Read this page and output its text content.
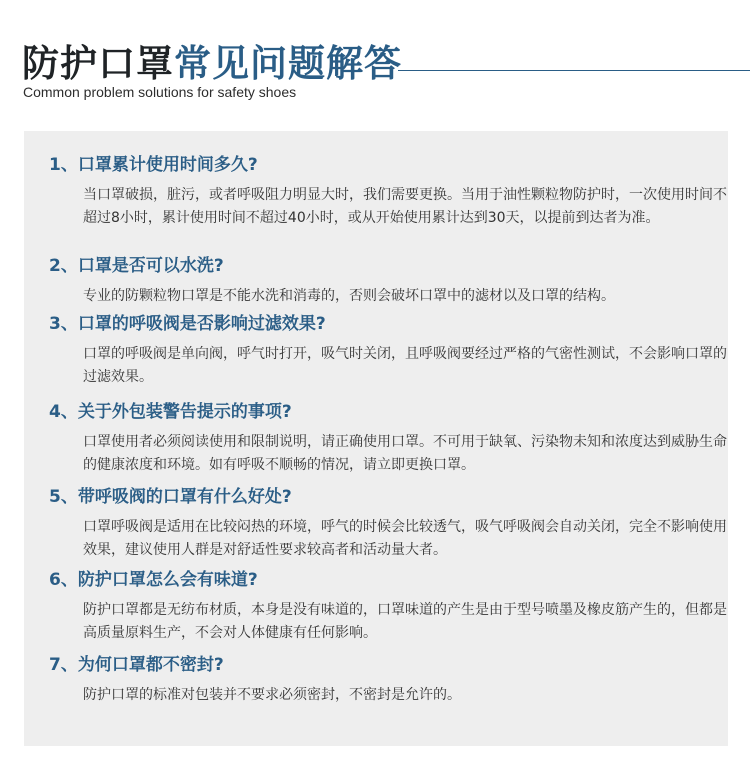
防护口罩常见问题解答
Common problem solutions for safety shoes
1、口罩累计使用时间多久?
当口罩破损，脏污，或者呼吸阻力明显大时，我们需要更换。当用于油性颗粒物防护时，一次使用时间不超过8小时，累计使用时间不超过40小时，或从开始使用累计达到30天，以提前到达者为准。
2、口罩是否可以水洗?
专业的防颗粒物口罩是不能水洗和消毒的，否则会破坏口罩中的滤材以及口罩的结构。
3、口罩的呼吸阀是否影响过滤效果?
口罩的呼吸阀是单向阀，呼气时打开，吸气时关闭，且呼吸阀要经过严格的气密性测试，不会影响口罩的过滤效果。
4、关于外包装警告提示的事项?
口罩使用者必须阅读使用和限制说明，请正确使用口罩。不可用于缺氧、污染物未知和浓度达到威胁生命的健康浓度和环境。如有呼吸不顺畅的情况，请立即更换口罩。
5、带呼吸阀的口罩有什么好处?
口罩呼吸阀是适用在比较闷热的环境，呼气的时候会比较透气，吸气呼吸阀会自动关闭，完全不影响使用效果，建议使用人群是对舒适性要求较高者和活动量大者。
6、防护口罩怎么会有味道?
防护口罩都是无纺布材质，本身是没有味道的，口罩味道的产生是由于型号喷墨及橡皮筋产生的，但都是高质量原料生产，不会对人体健康有任何影响。
7、为何口罩都不密封?
防护口罩的标准对包装并不要求必须密封，不密封是允许的。
